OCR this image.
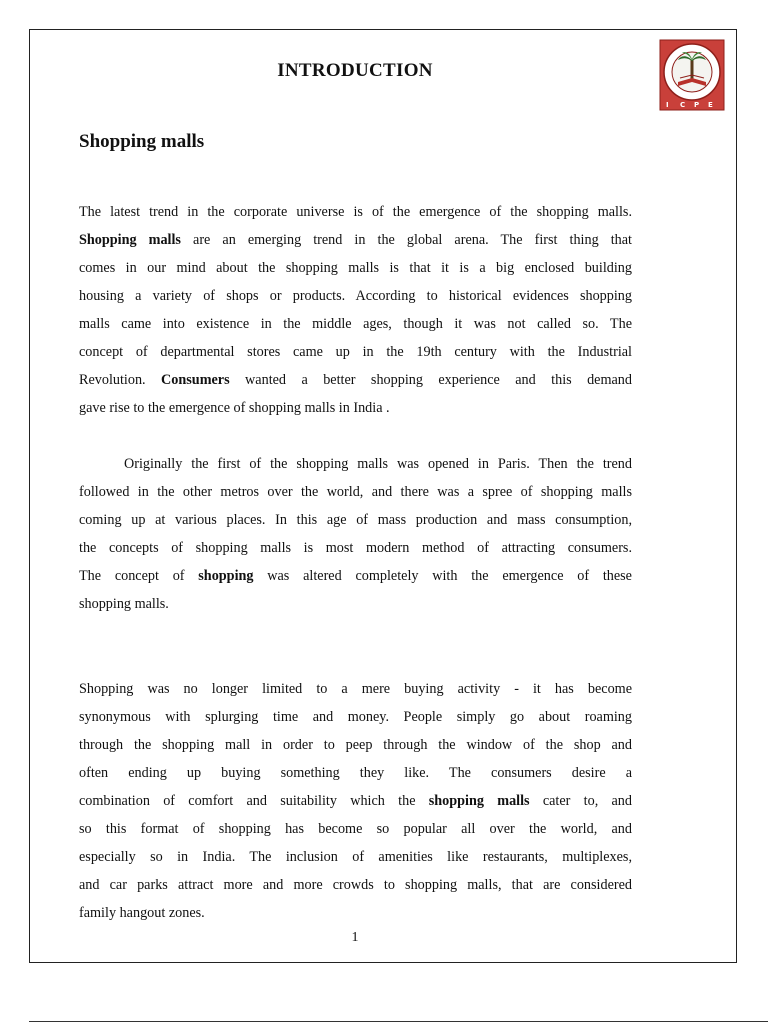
I C P E
INTRODUCTION
Shopping malls
The latest trend in the corporate universe is of the emergence of the shopping malls.
Shopping malls are an emerging trend in the global arena. The first thing that
comes in our mind about the shopping malls is that it is a big enclosed building
housing a variety of shops or products. According to historical evidences shopping
malls came into existence in the middle ages, though it was not called so. The
concept of departmental stores came up in the 19th century with the Industrial
Revolution. Consumers wanted a better shopping experience and this demand
gave rise to the emergence of shopping malls in India .
Originally the first of the shopping malls was opened in Paris. Then the trend
followed in the other metros over the world, and there was a spree of shopping malls
coming up at various places. In this age of mass production and mass consumption,
the concepts of shopping malls is most modern method of attracting consumers.
The concept of shopping was altered completely with the emergence of these
shopping malls.
Shopping was no longer limited to a mere buying activity - it has become
synonymous with splurging time and money. People simply go about roaming
through the shopping mall in order to peep through the window of the shop and
often ending up buying something they like. The consumers desire a
combination of comfort and suitability which the shopping malls cater to, and
so this format of shopping has become so popular all over the world, and
especially so in India. The inclusion of amenities like restaurants, multiplexes,
and car parks attract more and more crowds to shopping malls, that are considered
family hangout zones.
1
